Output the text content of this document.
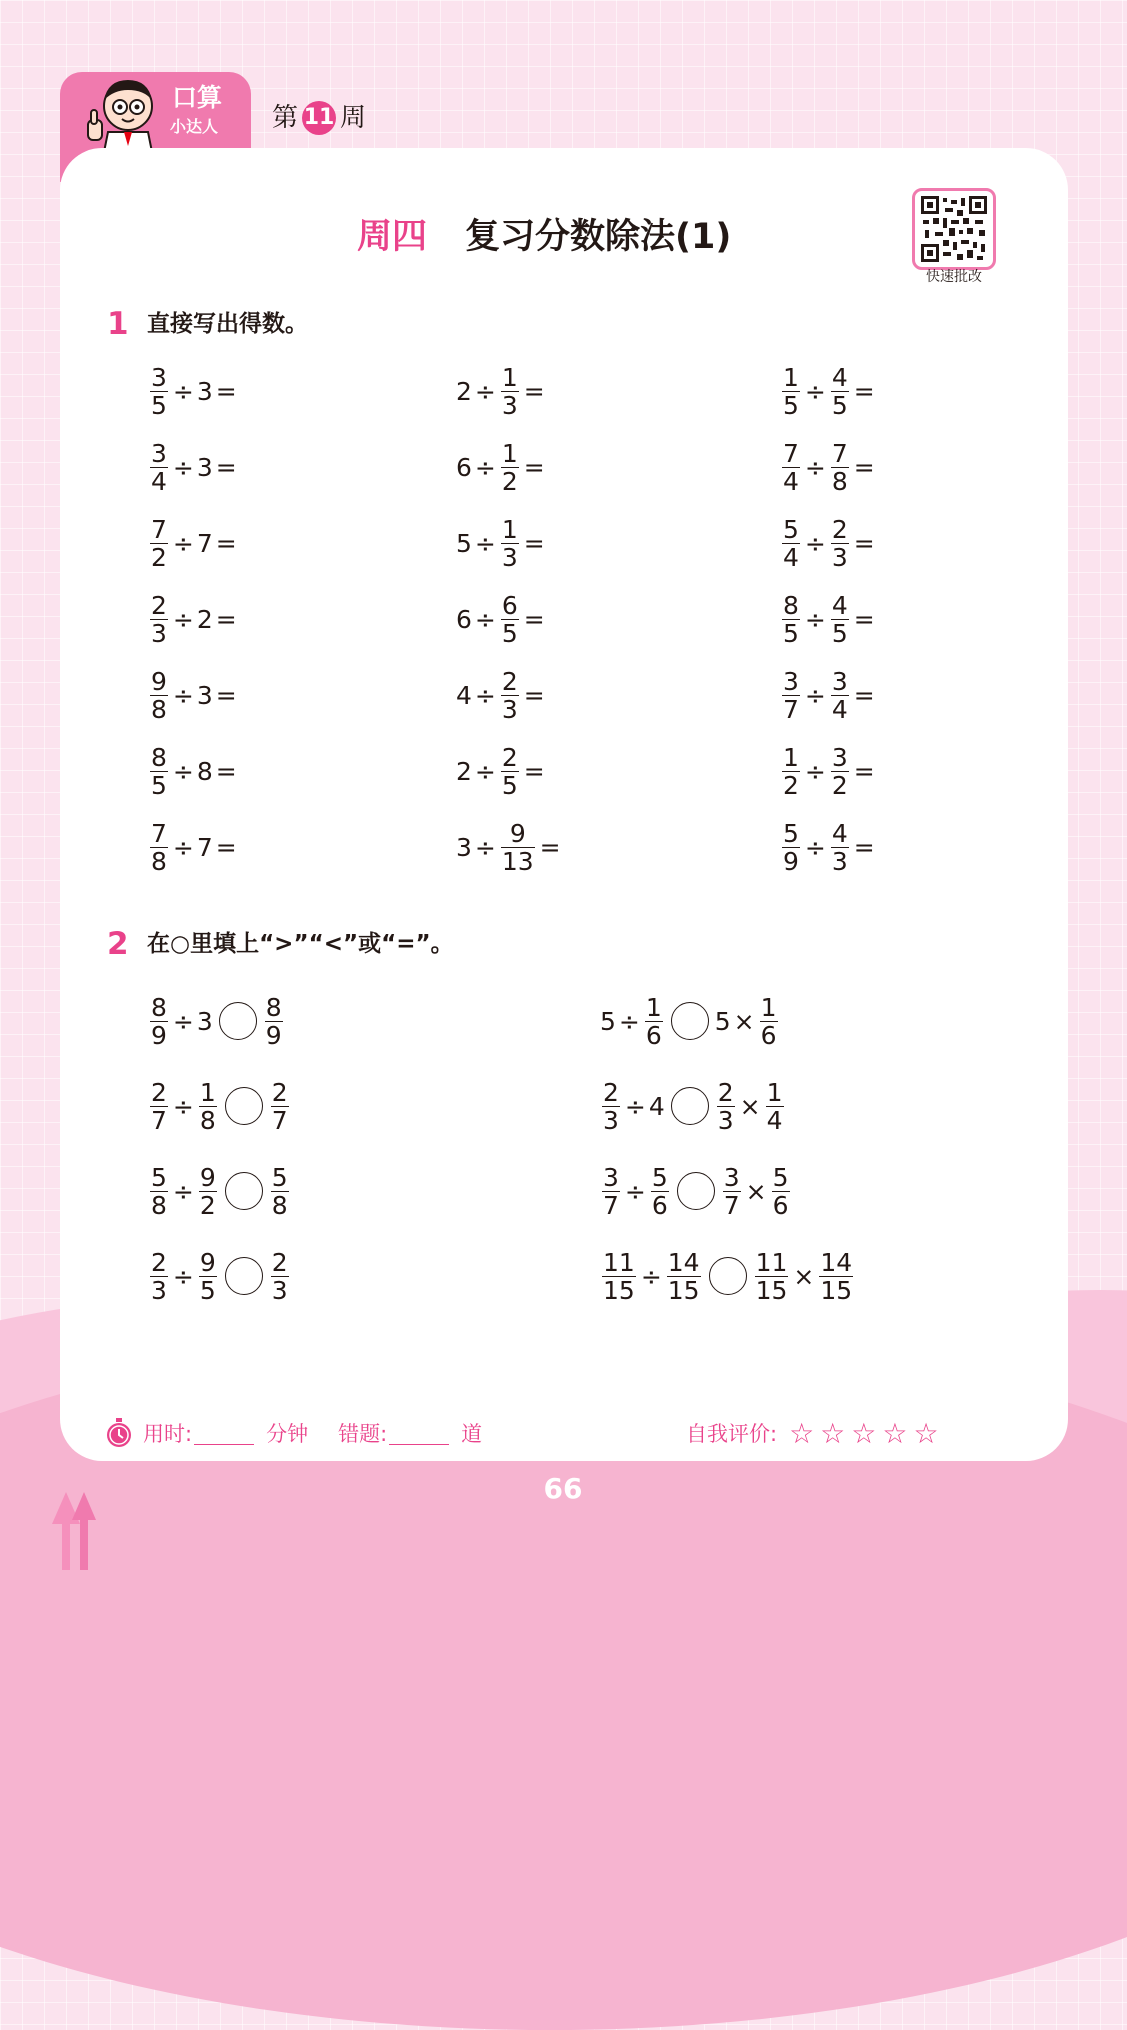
口算
小达人 第 11 周
周四 复习分数除法(1)
快速批改
1 直接写出得数。
$\frac{3}{5} \div 3$ =	$2 \div \frac{1}{3}$ =	$\frac{1}{5} \div \frac{4}{5}$ =
$\frac{3}{4} \div 3$ =	$6 \div \frac{1}{2}$ =	$\frac{7}{4} \div \frac{7}{8}$ =
$\frac{7}{2} \div 7$ =	$5 \div \frac{1}{3}$ =	$\frac{5}{4} \div \frac{2}{3}$ =
$\frac{2}{3} \div 2$ =	$6 \div \frac{6}{5}$ =	$\frac{8}{5} \div \frac{4}{5}$ =
$\frac{9}{8} \div 3$ =	$4 \div \frac{2}{3}$ =	$\frac{3}{7} \div \frac{3}{4}$ =
$\frac{8}{5} \div 8$ =	$2 \div \frac{2}{5}$ =	$\frac{1}{2} \div \frac{3}{2}$ =
$\frac{7}{8} \div 7$ =	$3 \div \frac{9}{13}$ =	$\frac{5}{9} \div \frac{4}{3}$ =
2 在○里填上“>”“<”或“=”。
$\frac{8}{9} \div 3 \frac{8}{9}$	$5 \div \frac{1}{6} 5 \times \frac{1}{6}$
$\frac{2}{7} \div \frac{1}{8} \frac{2}{7}$	$\frac{2}{3} \div 4 \frac{2}{3} \times \frac{1}{4}$
$\frac{5}{8} \div \frac{9}{2} \frac{5}{8}$	$\frac{3}{7} \div \frac{5}{6} \frac{3}{7} \times \frac{5}{6}$
$\frac{2}{3} \div \frac{9}{5} \frac{2}{3}$	$\frac{11}{15} \div \frac{14}{15} \frac{11}{15} \times \frac{14}{15}$
用时:	分钟 错题:	道	自我评价: ☆☆☆☆☆
66
